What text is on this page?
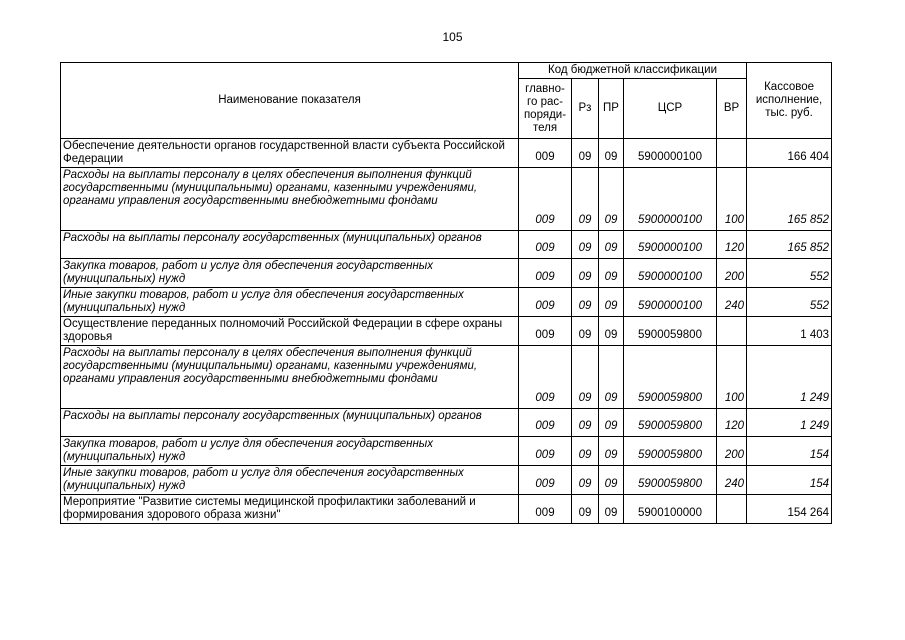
105
Наименование показателя	Код бюджетной классификации					Кассовое исполнение, тыс. руб.
	главно-го рас-поряди-теля	Рз	ПР	ЦСР	ВР	
Обеспечение деятельности органов государственной власти субъекта Российской Федерации	009	09	09	5900000100		166 404
Расходы на выплаты персоналу в целях обеспечения выполнения функций государственными (муниципальными) органами, казенными учреждениями, органами управления государственными внебюджетными фондами	009	09	09	5900000100	100	165 852
Расходы на выплаты персоналу государственных (муниципальных) органов	009	09	09	5900000100	120	165 852
Закупка товаров, работ и услуг для обеспечения государственных (муниципальных) нужд	009	09	09	5900000100	200	552
Иные закупки товаров, работ и услуг для обеспечения государственных (муниципальных) нужд	009	09	09	5900000100	240	552
Осуществление переданных полномочий Российской Федерации в сфере охраны здоровья	009	09	09	5900059800		1 403
Расходы на выплаты персоналу в целях обеспечения выполнения функций государственными (муниципальными) органами, казенными учреждениями, органами управления государственными внебюджетными фондами	009	09	09	5900059800	100	1 249
Расходы на выплаты персоналу государственных (муниципальных) органов	009	09	09	5900059800	120	1 249
Закупка товаров, работ и услуг для обеспечения государственных (муниципальных) нужд	009	09	09	5900059800	200	154
Иные закупки товаров, работ и услуг для обеспечения государственных (муниципальных) нужд	009	09	09	5900059800	240	154
Мероприятие "Развитие системы медицинской профилактики заболеваний и формирования здорового образа жизни"	009	09	09	5900100000		154 264
